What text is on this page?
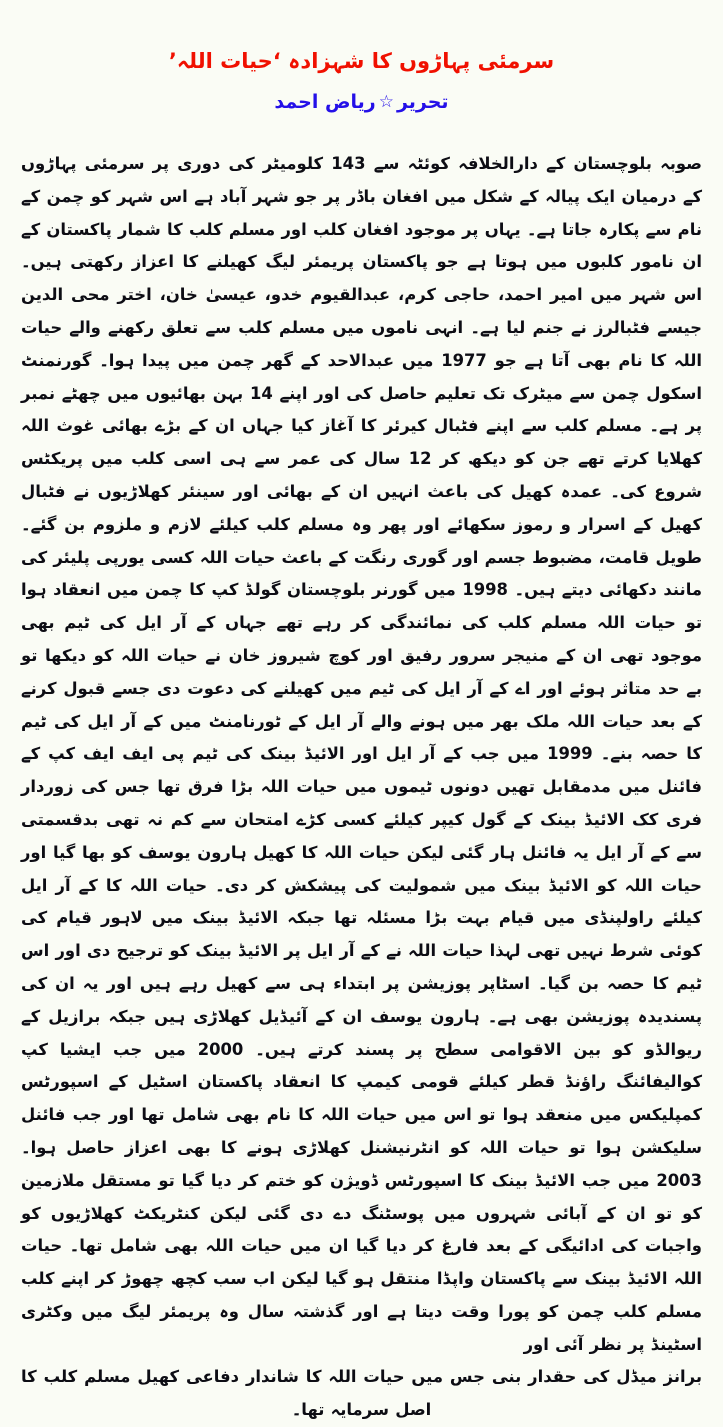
سرمئی پہاڑوں کا شہزادہ ‘حیات اللہ’
تحریر☆ریاض احمد

صوبہ بلوچستان کے دارالخلافہ کوئٹہ سے 143 کلومیٹر کی دوری پر سرمئی پہاڑوں کے درمیان ایک پیالہ کے شکل میں افغان باڈر پر جو شہر آباد ہے اس شہر کو چمن کے نام سے پکارہ جاتا ہے۔ یہاں پر موجود افغان کلب اور مسلم کلب کا شمار پاکستان کے ان نامور کلبوں میں ہوتا ہے جو پاکستان پریمئر لیگ کھیلنے کا اعزاز رکھتی ہیں۔ اس شہر میں امیر احمد، حاجی کرم، عبدالقیوم خدو، عیسیٰ خان، اختر محی الدین جیسے فٹبالرز نے جنم لیا ہے۔ انہی ناموں میں مسلم کلب سے تعلق رکھنے والے حیات اللہ کا نام بھی آتا ہے جو 1977 میں عبدالاحد کے گھر چمن میں پیدا ہوا۔ گورنمنٹ اسکول چمن سے میٹرک تک تعلیم حاصل کی اور اپنے 14 بہن بھائیوں میں چھٹے نمبر پر ہے۔ مسلم کلب سے اپنے فٹبال کیرئر کا آغاز کیا جہاں ان کے بڑے بھائی غوث اللہ کھلایا کرتے تھے جن کو دیکھ کر 12 سال کی عمر سے ہی اسی کلب میں پریکٹس شروع کی۔ عمدہ کھیل کی باعث انہیں ان کے بھائی اور سینئر کھلاڑیوں نے فٹبال کھیل کے اسرار و رموز سکھائے اور پھر وہ مسلم کلب کیلئے لازم و ملزوم بن گئے۔ طویل قامت، مضبوط جسم اور گوری رنگت کے باعث حیات اللہ کسی یورپی پلیئر کی مانند دکھائی دیتے ہیں۔ 1998 میں گورنر بلوچستان گولڈ کپ کا چمن میں انعقاد ہوا تو حیات اللہ مسلم کلب کی نمائندگی کر رہے تھے جہاں کے آر ایل کی ٹیم بھی موجود تھی ان کے منیجر سرور رفیق اور کوچ شیروز خان نے حیات اللہ کو دیکھا تو بے حد متاثر ہوئے اور اے کے آر ایل کی ٹیم میں کھیلنے کی دعوت دی جسے قبول کرنے کے بعد حیات اللہ ملک بھر میں ہونے والے آر ایل کے ٹورنامنٹ میں کے آر ایل کی ٹیم کا حصہ بنے۔ 1999 میں جب کے آر ایل اور الائیڈ بینک کی ٹیم پی ایف ایف کپ کے فائنل میں مدمقابل تھیں دونوں ٹیموں میں حیات اللہ بڑا فرق تھا جس کی زوردار فری کک الائیڈ بینک کے گول کیپر کیلئے کسی کڑے امتحان سے کم نہ تھی بدقسمتی سے کے آر ایل یہ فائنل ہار گئی لیکن حیات اللہ کا کھیل ہارون یوسف کو بھا گیا اور حیات اللہ کو الائیڈ بینک میں شمولیت کی پیشکش کر دی۔ حیات اللہ کا کے آر ایل کیلئے راولپنڈی میں قیام بہت بڑا مسئلہ تھا جبکہ الائیڈ بینک میں لاہور قیام کی کوئی شرط نہیں تھی لہذا حیات اللہ نے کے آر ایل پر الائیڈ بینک کو ترجیح دی اور اس ٹیم کا حصہ بن گیا۔ اسٹاپر پوزیشن پر ابتداء ہی سے کھیل رہے ہیں اور یہ ان کی پسندیدہ پوزیشن بھی ہے۔ ہارون یوسف ان کے آئیڈیل کھلاڑی ہیں جبکہ برازیل کے ریوالڈو کو بین الاقوامی سطح پر پسند کرتے ہیں۔ 2000 میں جب ایشیا کپ کوالیفائنگ راؤنڈ قطر کیلئے قومی کیمپ کا انعقاد پاکستان اسٹیل کے اسپورٹس کمپلیکس میں منعقد ہوا تو اس میں حیات اللہ کا نام بھی شامل تھا اور جب فائنل سلیکشن ہوا تو حیات اللہ کو انٹرنیشنل کھلاڑی ہونے کا بھی اعزاز حاصل ہوا۔ 2003 میں جب الائیڈ بینک کا اسپورٹس ڈویژن کو ختم کر دیا گیا تو مستقل ملازمین کو تو ان کے آبائی شہروں میں پوسٹنگ دے دی گئی لیکن کنٹریکٹ کھلاڑیوں کو واجبات کی ادائیگی کے بعد فارغ کر دیا گیا ان میں حیات اللہ بھی شامل تھا۔ حیات اللہ الائیڈ بینک سے پاکستان واپڈا منتقل ہو گیا لیکن اب سب کچھ چھوڑ کر اپنے کلب مسلم کلب چمن کو پورا وقت دیتا ہے اور گذشتہ سال وہ پریمئر لیگ میں وکٹری اسٹینڈ پر نظر آئی اور

برانز میڈل کی حقدار بنی جس میں حیات اللہ کا شاندار دفاعی کھیل مسلم کلب کا اصل سرمایہ تھا۔
